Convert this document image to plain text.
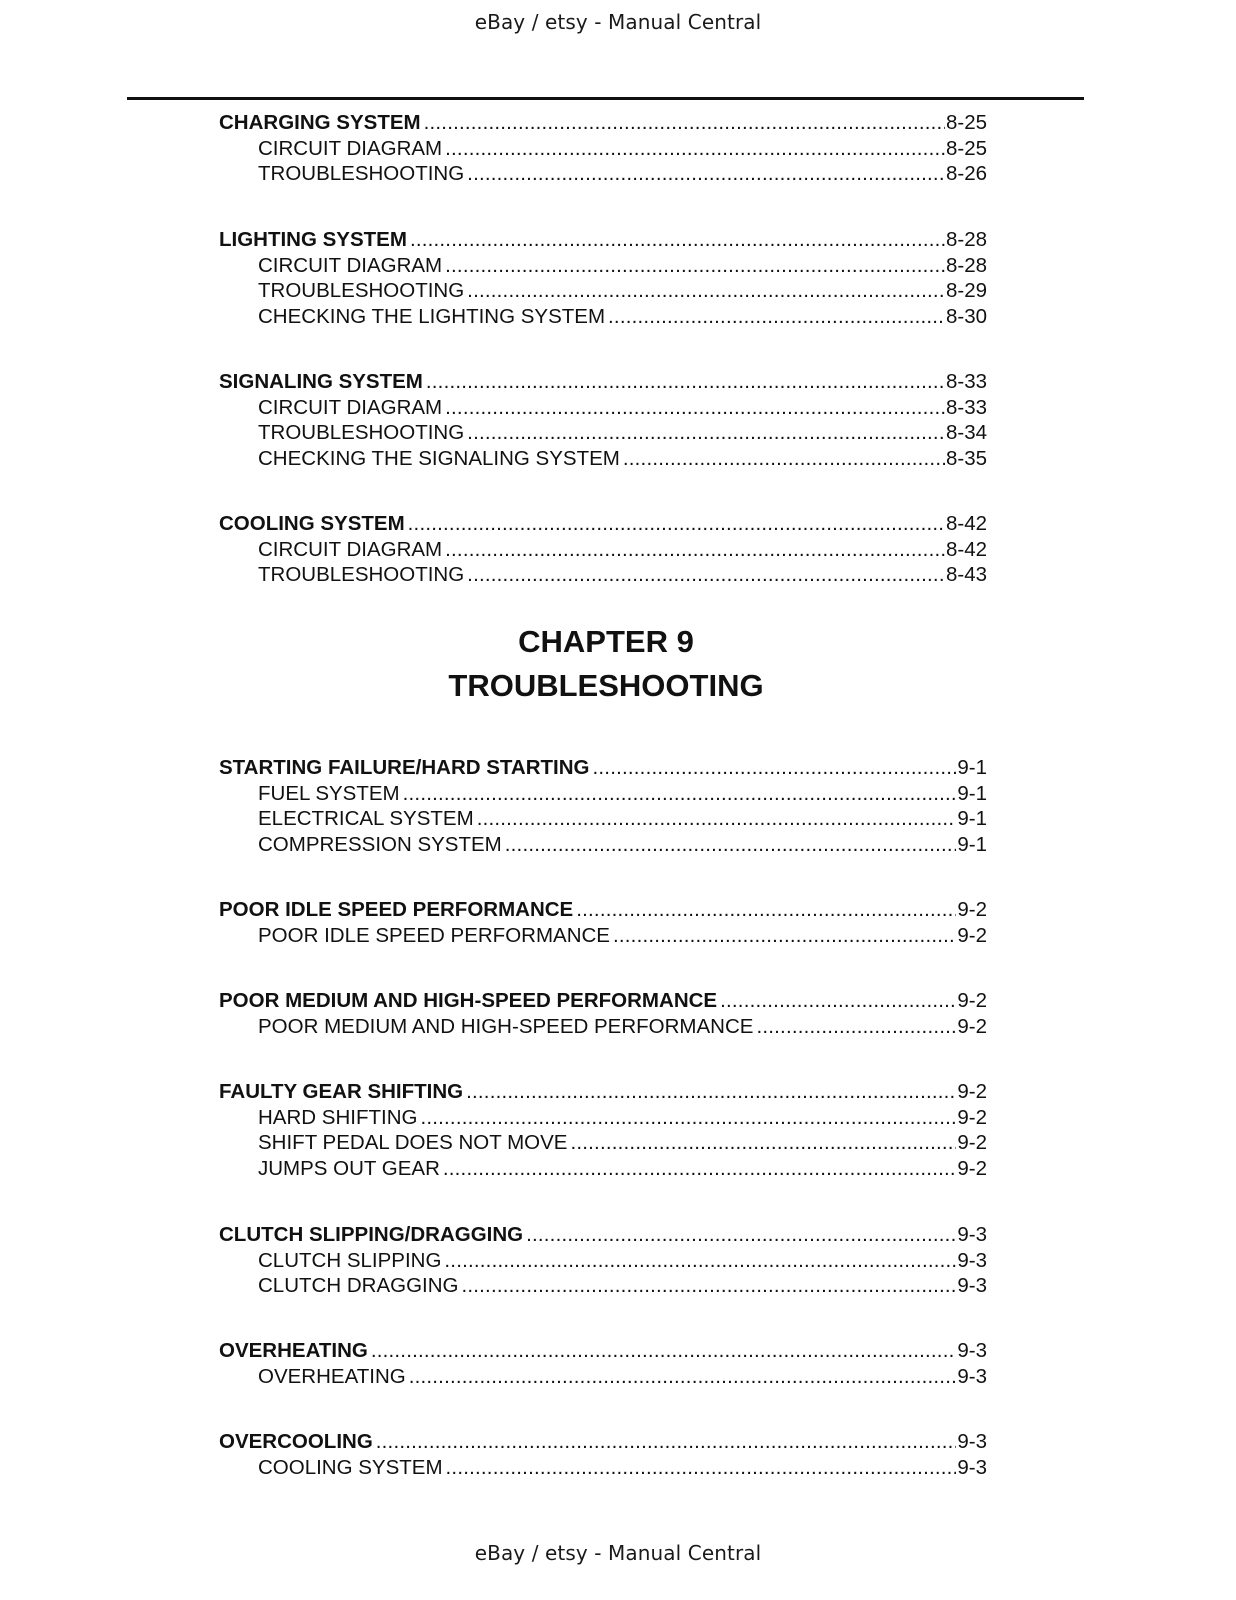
eBay / etsy - Manual Central
CHARGING SYSTEM .....	8-25
CIRCUIT DIAGRAM .....	8-25
TROUBLESHOOTING .....	8-26
LIGHTING SYSTEM .....	8-28
CIRCUIT DIAGRAM .....	8-28
TROUBLESHOOTING .....	8-29
CHECKING THE LIGHTING SYSTEM .....	8-30
SIGNALING SYSTEM .....	8-33
CIRCUIT DIAGRAM .....	8-33
TROUBLESHOOTING .....	8-34
CHECKING THE SIGNALING SYSTEM .....	8-35
COOLING SYSTEM .....	8-42
CIRCUIT DIAGRAM .....	8-42
TROUBLESHOOTING .....	8-43
CHAPTER 9
TROUBLESHOOTING
STARTING FAILURE/HARD STARTING .....	9-1
FUEL SYSTEM .....	9-1
ELECTRICAL SYSTEM .....	9-1
COMPRESSION SYSTEM .....	9-1
POOR IDLE SPEED PERFORMANCE .....	9-2
POOR IDLE SPEED PERFORMANCE .....	9-2
POOR MEDIUM AND HIGH-SPEED PERFORMANCE .....	9-2
POOR MEDIUM AND HIGH-SPEED PERFORMANCE .....	9-2
FAULTY GEAR SHIFTING .....	9-2
HARD SHIFTING .....	9-2
SHIFT PEDAL DOES NOT MOVE .....	9-2
JUMPS OUT GEAR .....	9-2
CLUTCH SLIPPING/DRAGGING .....	9-3
CLUTCH SLIPPING .....	9-3
CLUTCH DRAGGING .....	9-3
OVERHEATING .....	9-3
OVERHEATING .....	9-3
OVERCOOLING .....	9-3
COOLING SYSTEM .....	9-3
eBay / etsy - Manual Central
